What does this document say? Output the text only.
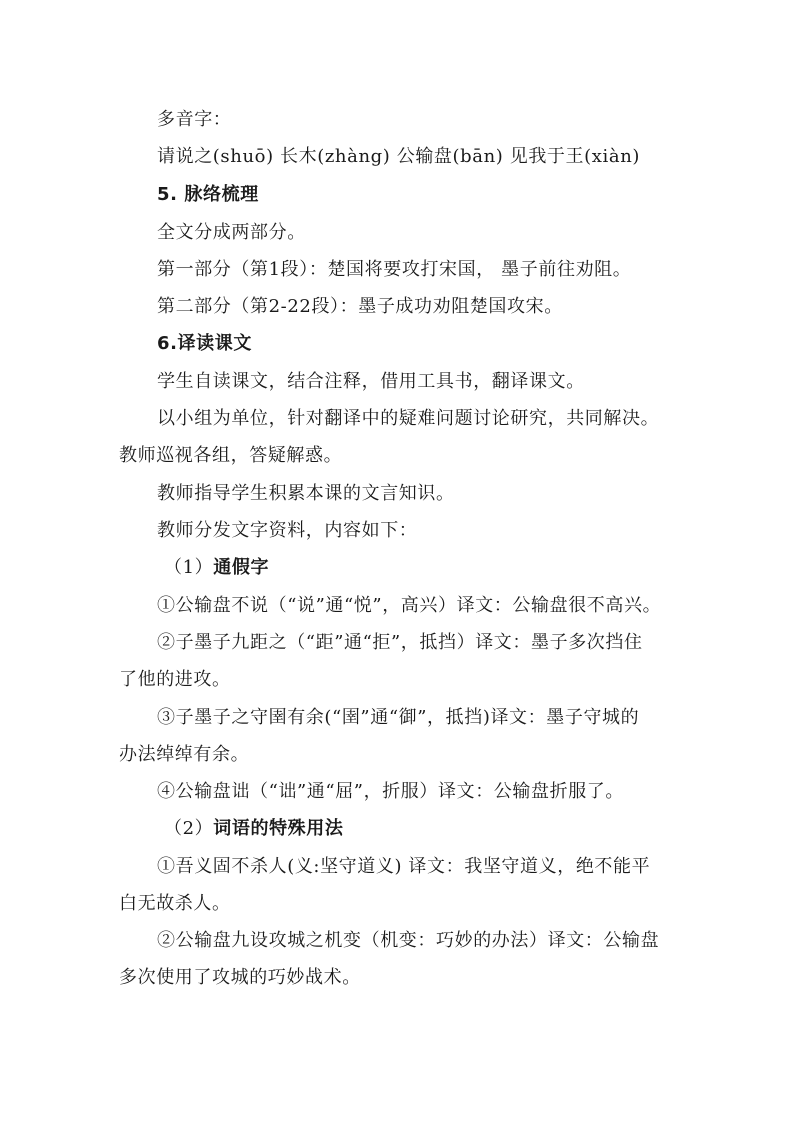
多音字：
请说之(shuō) 长木(zhàng) 公输盘(bān) 见我于王(xiàn)
5. 脉络梳理
全文分成两部分。
第一部分（第1段）：楚国将要攻打宋国， 墨子前往劝阻。
第二部分（第2-22段）：墨子成功劝阻楚国攻宋。
6.译读课文
学生自读课文，结合注释，借用工具书，翻译课文。
以小组为单位，针对翻译中的疑难问题讨论研究，共同解决。
教师巡视各组，答疑解惑。
教师指导学生积累本课的文言知识。
教师分发文字资料，内容如下：
（1）通假字
①公输盘不说（“说”通“悦”，高兴）译文：公输盘很不高兴。
②子墨子九距之（“距”通“拒”，抵挡）译文：墨子多次挡住
了他的进攻。
③子墨子之守圉有余(“圉”通“御”，抵挡)译文：墨子守城的
办法绰绰有余。
④公输盘诎（“诎”通“屈”，折服）译文：公输盘折服了。
（2）词语的特殊用法
①吾义固不杀人(义:坚守道义) 译文：我坚守道义，绝不能平
白无故杀人。
②公输盘九设攻城之机变（机变：巧妙的办法）译文：公输盘
多次使用了攻城的巧妙战术。
